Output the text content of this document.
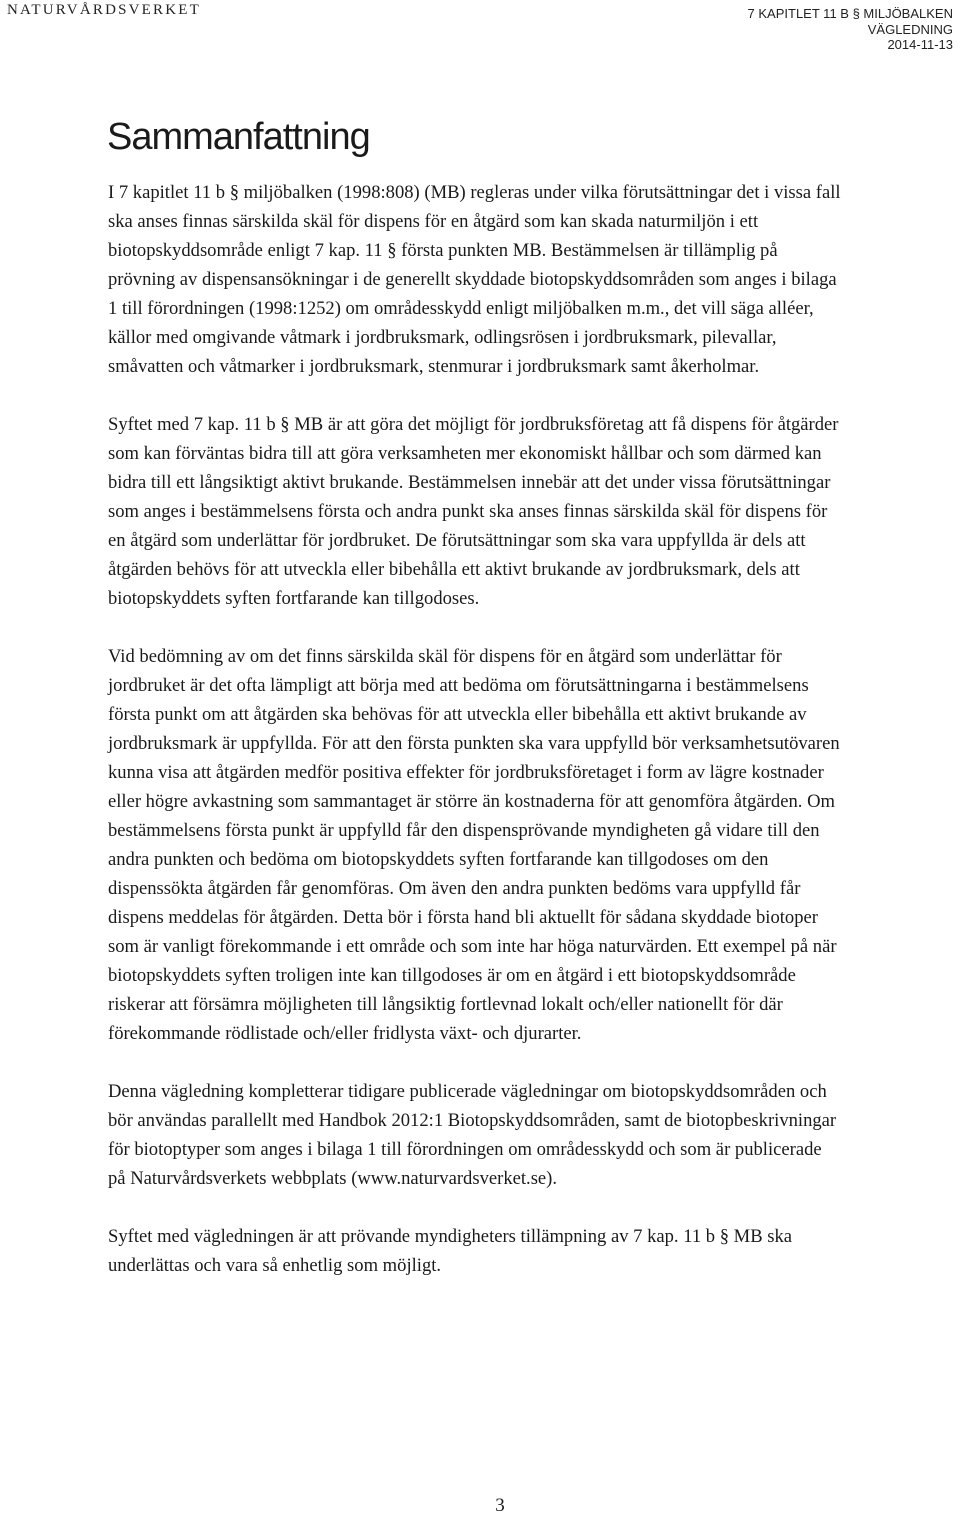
NATURVÅRDSVERKET	7 KAPITLET 11 B § MILJÖBALKEN
VÄGLEDNING
2014-11-13
Sammanfattning

I 7 kapitlet 11 b § miljöbalken (1998:808) (MB) regleras under vilka förutsättningar det i vissa fall ska anses finnas särskilda skäl för dispens för en åtgärd som kan skada naturmiljön i ett biotopskyddsområde enligt 7 kap. 11 § första punkten MB. Bestämmelsen är tillämplig på prövning av dispensansökningar i de generellt skyddade biotopskyddsområden som anges i bilaga 1 till förordningen (1998:1252) om områdesskydd enligt miljöbalken m.m., det vill säga alléer, källor med omgivande våtmark i jordbruksmark, odlingsrösen i jordbruksmark, pilevallar, småvatten och våtmarker i jordbruksmark, stenmurar i jordbruksmark samt åkerholmar.

Syftet med 7 kap. 11 b § MB är att göra det möjligt för jordbruksföretag att få dispens för åtgärder som kan förväntas bidra till att göra verksamheten mer ekonomiskt hållbar och som därmed kan bidra till ett långsiktigt aktivt brukande. Bestämmelsen innebär att det under vissa förutsättningar som anges i bestämmelsens första och andra punkt ska anses finnas särskilda skäl för dispens för en åtgärd som underlättar för jordbruket. De förutsättningar som ska vara uppfyllda är dels att åtgärden behövs för att utveckla eller bibehålla ett aktivt brukande av jordbruksmark, dels att biotopskyddets syften fortfarande kan tillgodoses.

Vid bedömning av om det finns särskilda skäl för dispens för en åtgärd som underlättar för jordbruket är det ofta lämpligt att börja med att bedöma om förutsättningarna i bestämmelsens första punkt om att åtgärden ska behövas för att utveckla eller bibehålla ett aktivt brukande av jordbruksmark är uppfyllda. För att den första punkten ska vara uppfylld bör verksamhetsutövaren kunna visa att åtgärden medför positiva effekter för jordbruksföretaget i form av lägre kostnader eller högre avkastning som sammantaget är större än kostnaderna för att genomföra åtgärden. Om bestämmelsens första punkt är uppfylld får den dispensprövande myndigheten gå vidare till den andra punkten och bedöma om biotopskyddets syften fortfarande kan tillgodoses om den dispenssökta åtgärden får genomföras. Om även den andra punkten bedöms vara uppfylld får dispens meddelas för åtgärden. Detta bör i första hand bli aktuellt för sådana skyddade biotoper som är vanligt förekommande i ett område och som inte har höga naturvärden. Ett exempel på när biotopskyddets syften troligen inte kan tillgodoses är om en åtgärd i ett biotopskyddsområde riskerar att försämra möjligheten till långsiktig fortlevnad lokalt och/eller nationellt för där förekommande rödlistade och/eller fridlysta växt- och djurarter.

Denna vägledning kompletterar tidigare publicerade vägledningar om biotopskyddsområden och bör användas parallellt med Handbok 2012:1 Biotopskyddsområden, samt de biotopbeskrivningar för biotoptyper som anges i bilaga 1 till förordningen om områdesskydd och som är publicerade på Naturvårdsverkets webbplats (www.naturvardsverket.se).

Syftet med vägledningen är att prövande myndigheters tillämpning av 7 kap. 11 b § MB ska underlättas och vara så enhetlig som möjligt.

3
